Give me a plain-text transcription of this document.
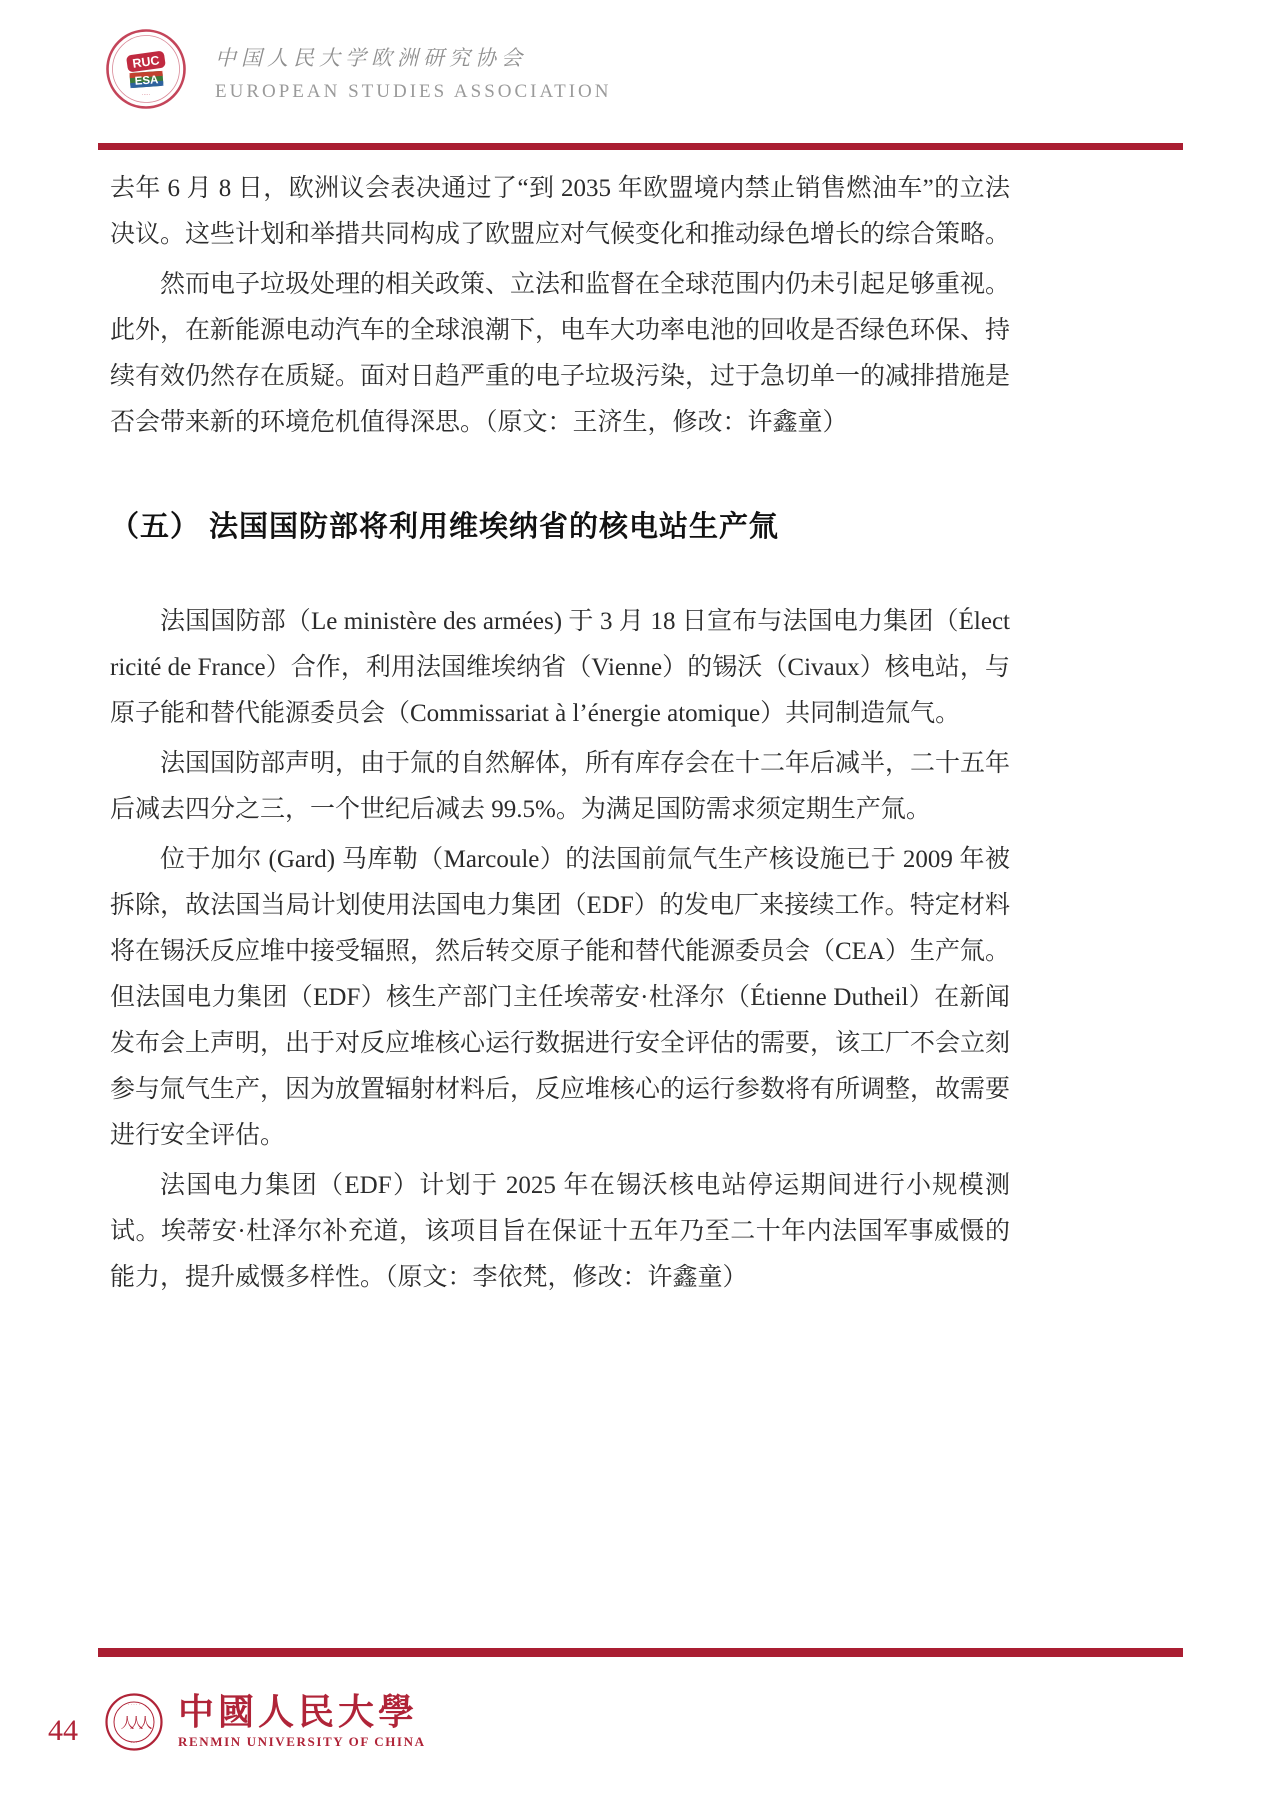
RUC
ESA
·····
中国人民大学欧洲研究协会
EUROPEAN STUDIES ASSOCIATION

去年 6 月 8 日，欧洲议会表决通过了“到 2035 年欧盟境内禁止销售燃油车”的立法决议。这些计划和举措共同构成了欧盟应对气候变化和推动绿色增长的综合策略。

然而电子垃圾处理的相关政策、立法和监督在全球范围内仍未引起足够重视。此外，在新能源电动汽车的全球浪潮下，电车大功率电池的回收是否绿色环保、持续有效仍然存在质疑。面对日趋严重的电子垃圾污染，过于急切单一的减排措施是否会带来新的环境危机值得深思。（原文：王济生，修改：许鑫童）

（五） 法国国防部将利用维埃纳省的核电站生产氚

法国国防部（Le ministère des armées) 于 3 月 18 日宣布与法国电力集团（Électricité de France）合作，利用法国维埃纳省（Vienne）的锡沃（Civaux）核电站，与原子能和替代能源委员会（Commissariat à l’énergie atomique）共同制造氚气。

法国国防部声明，由于氚的自然解体，所有库存会在十二年后减半，二十五年后减去四分之三，一个世纪后减去 99.5%。为满足国防需求须定期生产氚。

位于加尔 (Gard) 马库勒（Marcoule）的法国前氚气生产核设施已于 2009 年被拆除，故法国当局计划使用法国电力集团（EDF）的发电厂来接续工作。特定材料将在锡沃反应堆中接受辐照，然后转交原子能和替代能源委员会（CEA）生产氚。但法国电力集团（EDF）核生产部门主任埃蒂安·杜泽尔（Étienne Dutheil）在新闻发布会上声明，出于对反应堆核心运行数据进行安全评估的需要，该工厂不会立刻参与氚气生产，因为放置辐射材料后，反应堆核心的运行参数将有所调整，故需要进行安全评估。

法国电力集团（EDF）计划于 2025 年在锡沃核电站停运期间进行小规模测试。埃蒂安·杜泽尔补充道，该项目旨在保证十五年乃至二十年内法国军事威慑的能力，提升威慑多样性。（原文：李依梵，修改：许鑫童）

44	人人人
· · · · ·
· · ·
中國人民大學
RENMIN UNIVERSITY OF CHINA
